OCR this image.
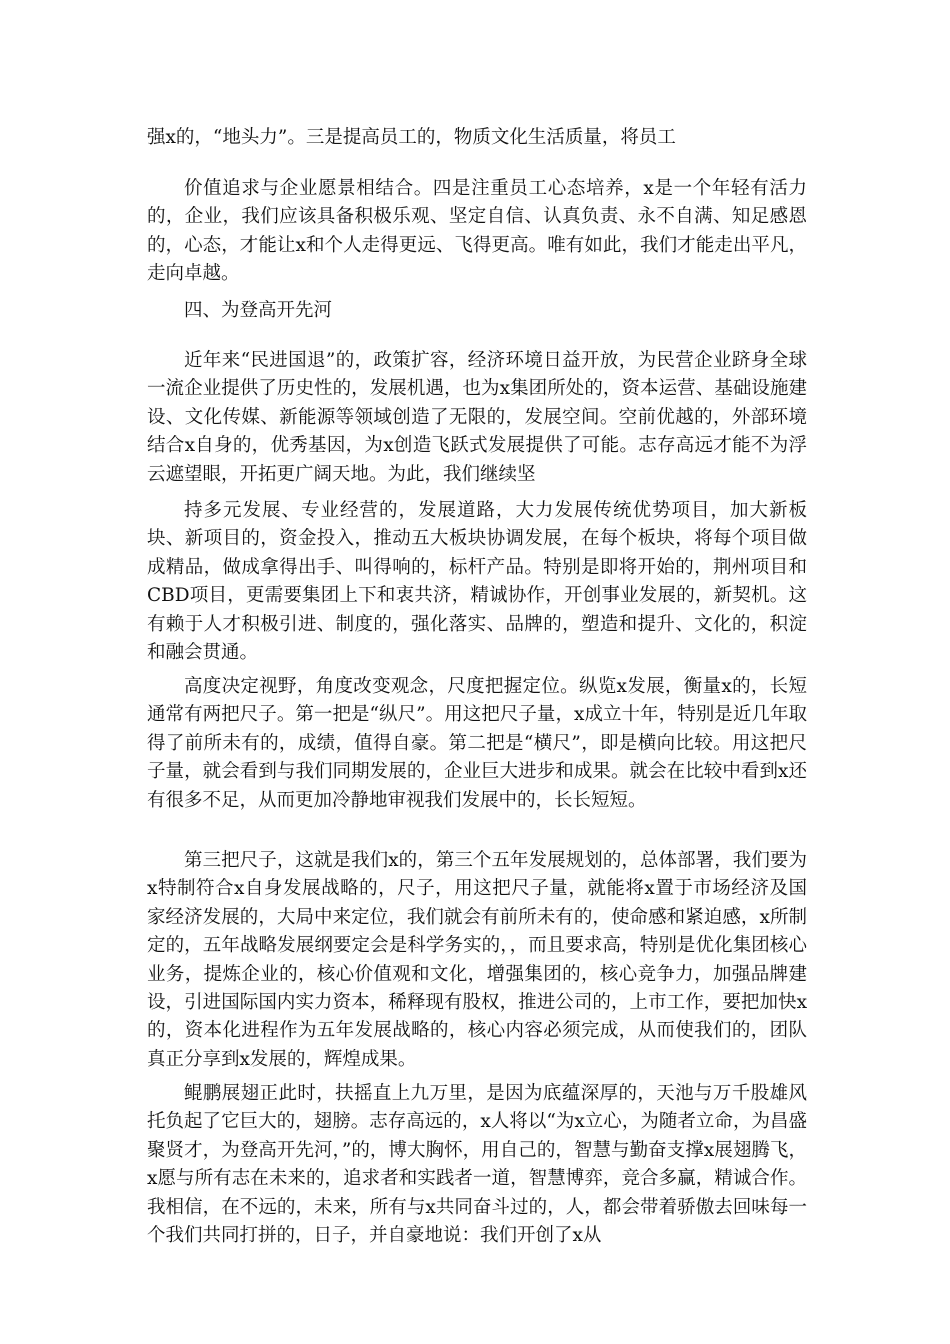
强x的，“地头力”。三是提高员工的，物质文化生活质量，将员工

价值追求与企业愿景相结合。四是注重员工心态培养，x是一个年轻有活力的，企业，我们应该具备积极乐观、坚定自信、认真负责、永不自满、知足感恩的，心态，才能让x和个人走得更远、飞得更高。唯有如此，我们才能走出平凡，走向卓越。

四、为登高开先河

近年来“民进国退”的，政策扩容，经济环境日益开放，为民营企业跻身全球一流企业提供了历史性的，发展机遇，也为x集团所处的，资本运营、基础设施建设、文化传媒、新能源等领域创造了无限的，发展空间。空前优越的，外部环境结合x自身的，优秀基因，为x创造飞跃式发展提供了可能。志存高远才能不为浮云遮望眼，开拓更广阔天地。为此，我们继续坚

持多元发展、专业经营的，发展道路，大力发展传统优势项目，加大新板块、新项目的，资金投入，推动五大板块协调发展，在每个板块，将每个项目做成精品，做成拿得出手、叫得响的，标杆产品。特别是即将开始的，荆州项目和CBD项目，更需要集团上下和衷共济，精诚协作，开创事业发展的，新契机。这有赖于人才积极引进、制度的，强化落实、品牌的，塑造和提升、文化的，积淀和融会贯通。

高度决定视野，角度改变观念，尺度把握定位。纵览x发展，衡量x的，长短通常有两把尺子。第一把是“纵尺”。用这把尺子量，x成立十年，特别是近几年取得了前所未有的，成绩，值得自豪。第二把是“横尺”，即是横向比较。用这把尺子量，就会看到与我们同期发展的，企业巨大进步和成果。就会在比较中看到x还有很多不足，从而更加冷静地审视我们发展中的，长长短短。

第三把尺子，这就是我们x的，第三个五年发展规划的，总体部署，我们要为x特制符合x自身发展战略的，尺子，用这把尺子量，就能将x置于市场经济及国家经济发展的，大局中来定位，我们就会有前所未有的，使命感和紧迫感，x所制定的，五年战略发展纲要定会是科学务实的，，而且要求高，特别是优化集团核心业务，提炼企业的，核心价值观和文化，增强集团的，核心竞争力，加强品牌建设，引进国际国内实力资本，稀释现有股权，推进公司的，上市工作，要把加快x的，资本化进程作为五年发展战略的，核心内容必须完成，从而使我们的，团队真正分享到x发展的，辉煌成果。

鲲鹏展翅正此时，扶摇直上九万里，是因为底蕴深厚的，天池与万千股雄风托负起了它巨大的，翅膀。志存高远的，x人将以“为x立心，为随者立命，为昌盛聚贤才，为登高开先河，”的，博大胸怀，用自己的，智慧与勤奋支撑x展翅腾飞，x愿与所有志在未来的，追求者和实践者一道，智慧博弈，竞合多赢，精诚合作。我相信，在不远的，未来，所有与x共同奋斗过的，人，都会带着骄傲去回味每一个我们共同打拼的，日子，并自豪地说：我们开创了x从
